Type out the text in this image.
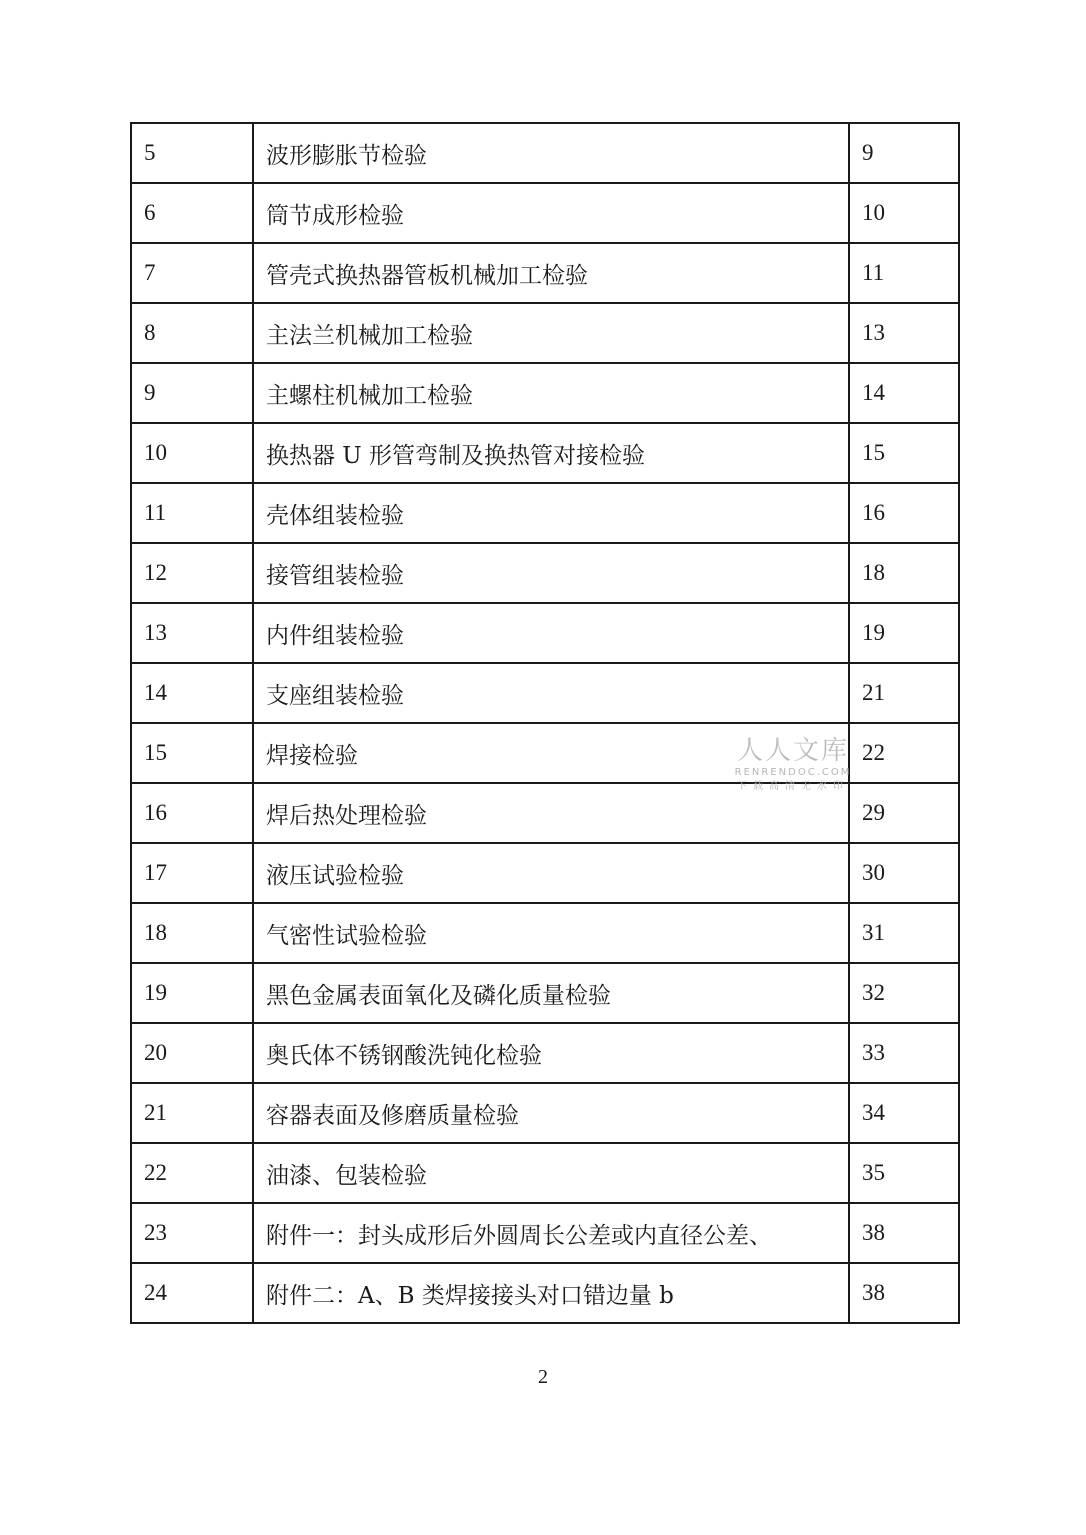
5	波形膨胀节检验	9
6	筒节成形检验	10
7	管壳式换热器管板机械加工检验	11
8	主法兰机械加工检验	13
9	主螺柱机械加工检验	14
10	换热器 U 形管弯制及换热管对接检验	15
11	壳体组装检验	16
12	接管组装检验	18
13	内件组装检验	19
14	支座组装检验	21
15	焊接检验	22
16	焊后热处理检验	29
17	液压试验检验	30
18	气密性试验检验	31
19	黑色金属表面氧化及磷化质量检验	32
20	奥氏体不锈钢酸洗钝化检验	33
21	容器表面及修磨质量检验	34
22	油漆、包装检验	35
23	附件一：封头成形后外圆周长公差或内直径公差、	38
24	附件二：A、B 类焊接接头对口错边量 b	38
人人文库
RENRENDOC.COM
下载高清无水印
2
